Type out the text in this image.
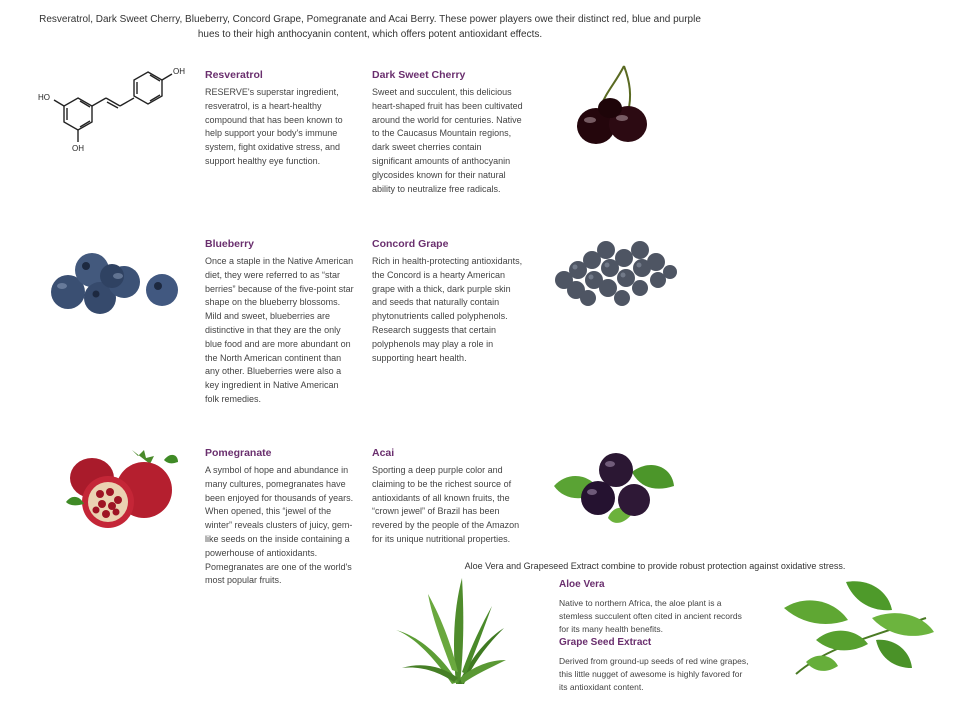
Resveratrol, Dark Sweet Cherry, Blueberry, Concord Grape, Pomegranate and Acai Berry. These power players owe their distinct red, blue and purple hues to their high anthocyanin content, which offers potent antioxidant effects.
HO
OH
OH
Resveratrol

RESERVE's superstar ingredient, resveratrol, is a heart-healthy compound that has been known to help support your body's immune system, fight oxidative stress, and support healthy eye function.

Dark Sweet Cherry

Sweet and succulent, this delicious heart-shaped fruit has been cultivated around the world for centuries. Native to the Caucasus Mountain regions, dark sweet cherries contain significant amounts of anthocyanin glycosides known for their natural ability to neutralize free radicals.

Blueberry

Once a staple in the Native American diet, they were referred to as “star berries” because of the five-point star shape on the blueberry blossoms. Mild and sweet, blueberries are distinctive in that they are the only blue food and are more abundant on the North American continent than any other. Blueberries were also a key ingredient in Native American folk remedies.

Concord Grape

Rich in health-protecting antioxidants, the Concord is a hearty American grape with a thick, dark purple skin and seeds that naturally contain phytonutrients called polyphenols. Research suggests that certain polyphenols may play a role in supporting heart health.

Pomegranate

A symbol of hope and abundance in many cultures, pomegranates have been enjoyed for thousands of years. When opened, this “jewel of the winter” reveals clusters of juicy, gem-like seeds on the inside containing a powerhouse of antioxidants. Pomegranates are one of the world's most popular fruits.

Acai

Sporting a deep purple color and claiming to be the richest source of antioxidants of all known fruits, the “crown jewel” of Brazil has been revered by the people of the Amazon for its unique nutritional properties.

Aloe Vera and Grapeseed Extract combine to provide robust protection against oxidative stress.
Aloe Vera

Native to northern Africa, the aloe plant is a stemless succulent often cited in ancient records for its many health benefits.

Grape Seed Extract

Derived from ground-up seeds of red wine grapes, this little nugget of awesome is highly favored for its antioxidant content.
